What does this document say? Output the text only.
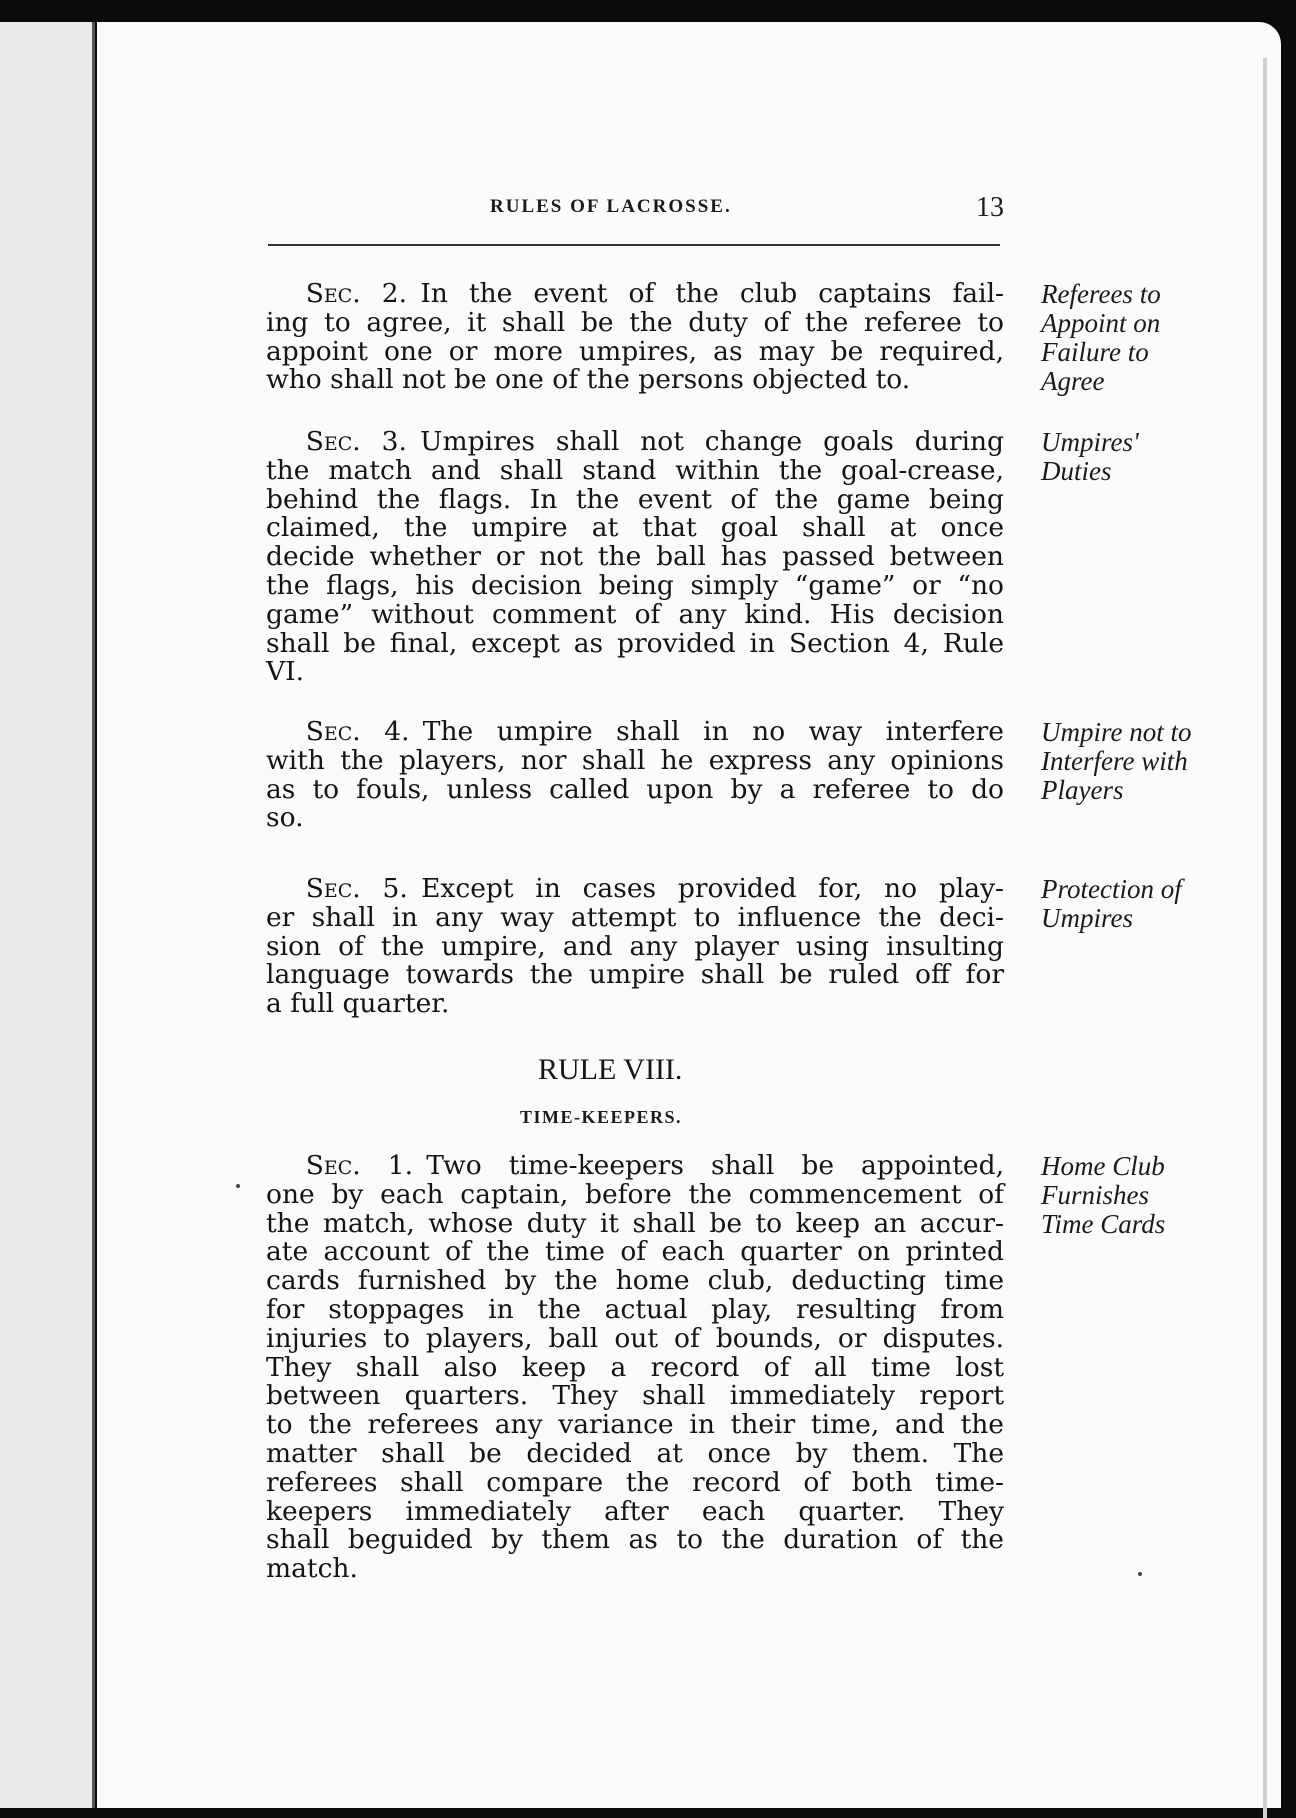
RULES OF LACROSSE.	13
  Sec. 2.  In the event of the club captains fail-
ing to agree, it shall be the duty of the referee to
appoint one or more umpires, as may be required,
who shall not be one of the persons objected to.
Referees to
Appoint on
Failure to
Agree
  Sec. 3.  Umpires shall not change goals during
the match and shall stand within the goal-crease,
behind the flags. In the event of the game being
claimed, the umpire at that goal shall at once
decide whether or not the ball has passed between
the flags, his decision being simply “game” or “no
game” without comment of any kind. His decision
shall be final, except as provided in Section 4, Rule
VI.
Umpires'
Duties
  Sec. 4.  The umpire shall in no way interfere
with the players, nor shall he express any opinions
as to fouls, unless called upon by a referee to do
so.
Umpire not to
Interfere with
Players
  Sec. 5.  Except in cases provided for, no play-
er shall in any way attempt to influence the deci-
sion of the umpire, and any player using insulting
language towards the umpire shall be ruled off for
a full quarter.
Protection of
Umpires
RULE VIII.
TIME-KEEPERS.
  Sec. 1.  Two time-keepers shall be appointed,
one by each captain, before the commencement of
the match, whose duty it shall be to keep an accur-
ate account of the time of each quarter on printed
cards furnished by the home club, deducting time
for stoppages in the actual play, resulting from
injuries to players, ball out of bounds, or disputes.
They shall also keep a record of all time lost
between quarters. They shall immediately report
to the referees any variance in their time, and the
matter shall be decided at once by them. The
referees shall compare the record of both time-
keepers immediately after each quarter. They
shall beguided by them as to the duration of the
match.
Home Club
Furnishes
Time Cards
